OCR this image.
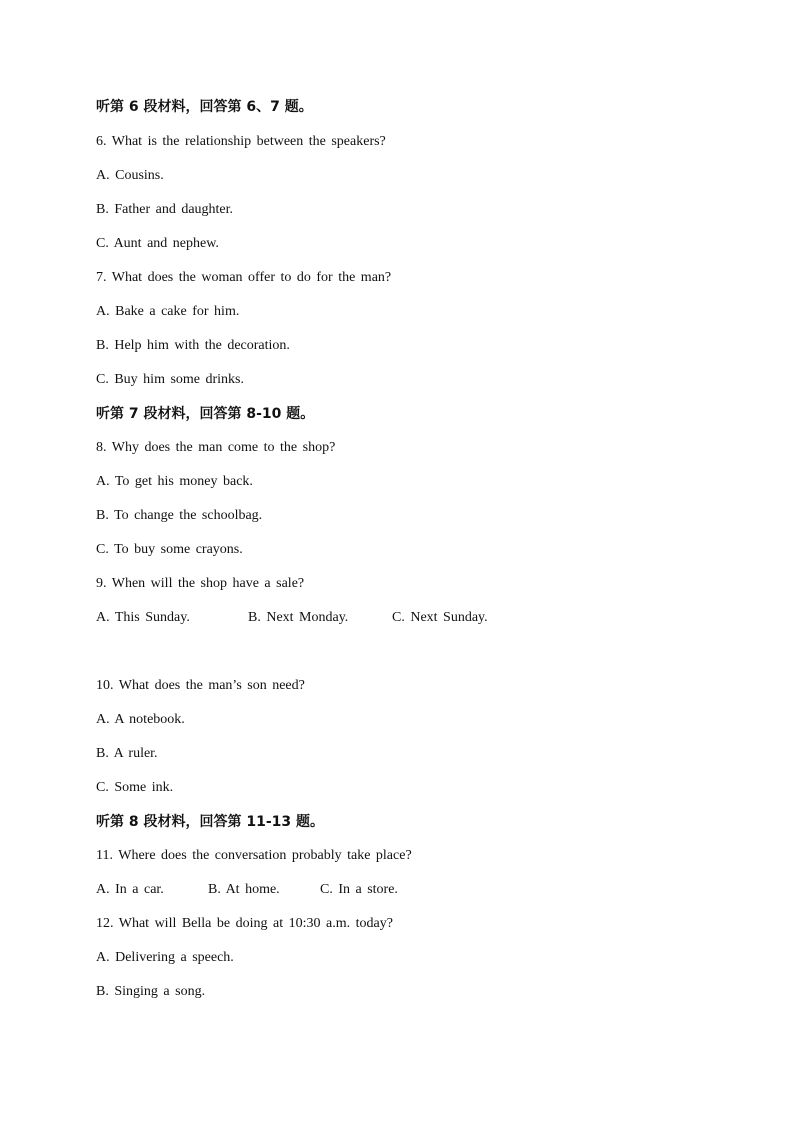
听第 6 段材料，回答第 6、7 题。
6. What is the relationship between the speakers?
A. Cousins.
B. Father and daughter.
C. Aunt and nephew.
7. What does the woman offer to do for the man?
A. Bake a cake for him.
B. Help him with the decoration.
C. Buy him some drinks.
听第 7 段材料，回答第 8-10 题。
8. Why does the man come to the shop?
A. To get his money back.
B. To change the schoolbag.
C. To buy some crayons.
9. When will the shop have a sale?
A. This Sunday.	B. Next Monday.	C. Next Sunday.
10. What does the man’s son need?
A. A notebook.
B. A ruler.
C. Some ink.
听第 8 段材料，回答第 11-13 题。
11. Where does the conversation probably take place?
A. In a car.	B. At home.	C. In a store.
12. What will Bella be doing at 10:30 a.m. today?
A. Delivering a speech.
B. Singing a song.
